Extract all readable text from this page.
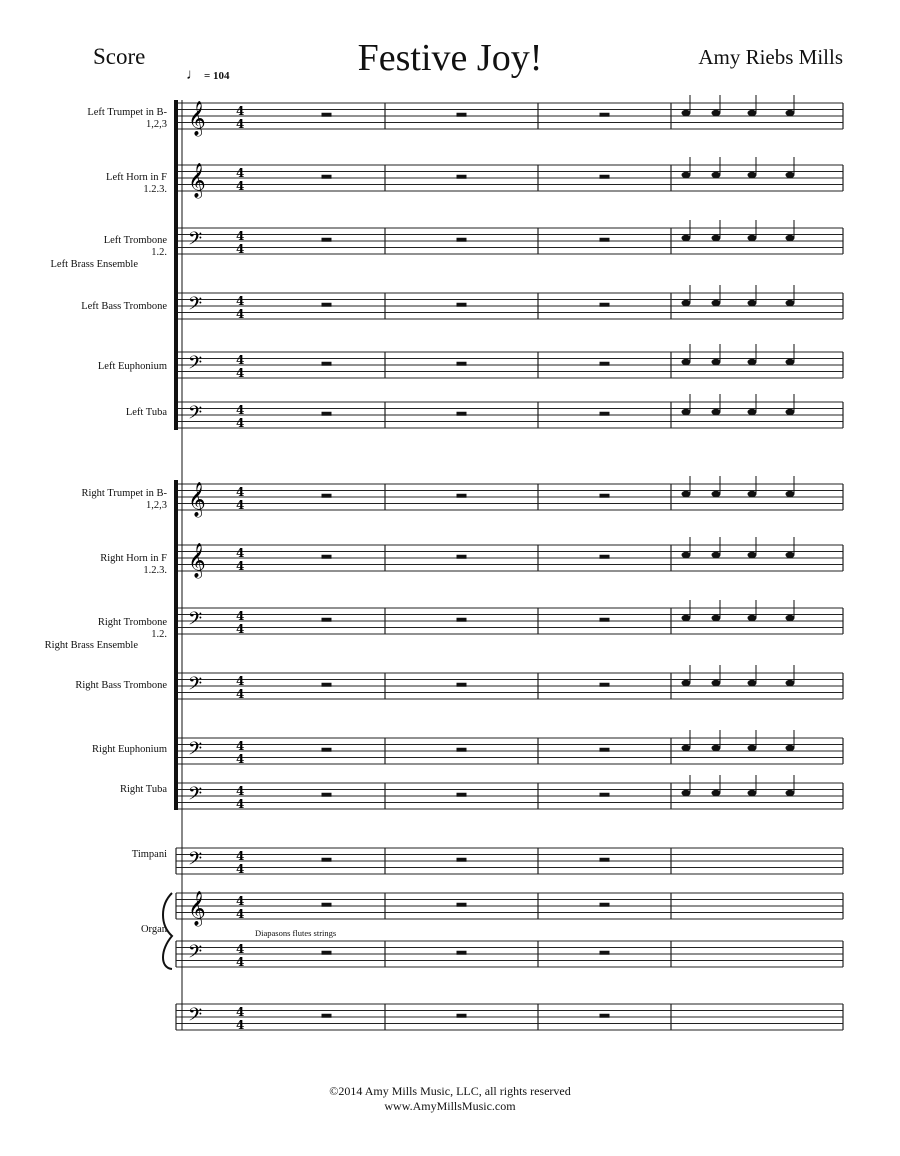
Score	Festive Joy!	Amy Riebs Mills
♩ = 104
Left Trumpet in B-
1,2,3
Left Horn in F
1.2.3.
Left Trombone
1.2.
Left Brass Ensemble
Left Bass Trombone
Left Euphonium
Left Tuba
Right Trumpet in B-
1,2,3
Right Horn in F
1.2.3.
Right Trombone
1.2.
Right Brass Ensemble
Right Bass Trombone
Right Euphonium
Right Tuba
Timpani
Organ
𝄞	4
4
𝄞	4
4
𝄢	4
4
𝄢	4
4
𝄢	4
4
𝄢	4
4
𝄞	4
4
𝄞	4
4
𝄢	4
4
𝄢	4
4
𝄢	4
4
𝄢	4
4
𝄢	4
4
𝄞	4
4
𝄢	4
4
𝄢	4
4
Diapasons flutes strings
©2014 Amy Mills Music, LLC, all rights reserved
www.AmyMillsMusic.com
